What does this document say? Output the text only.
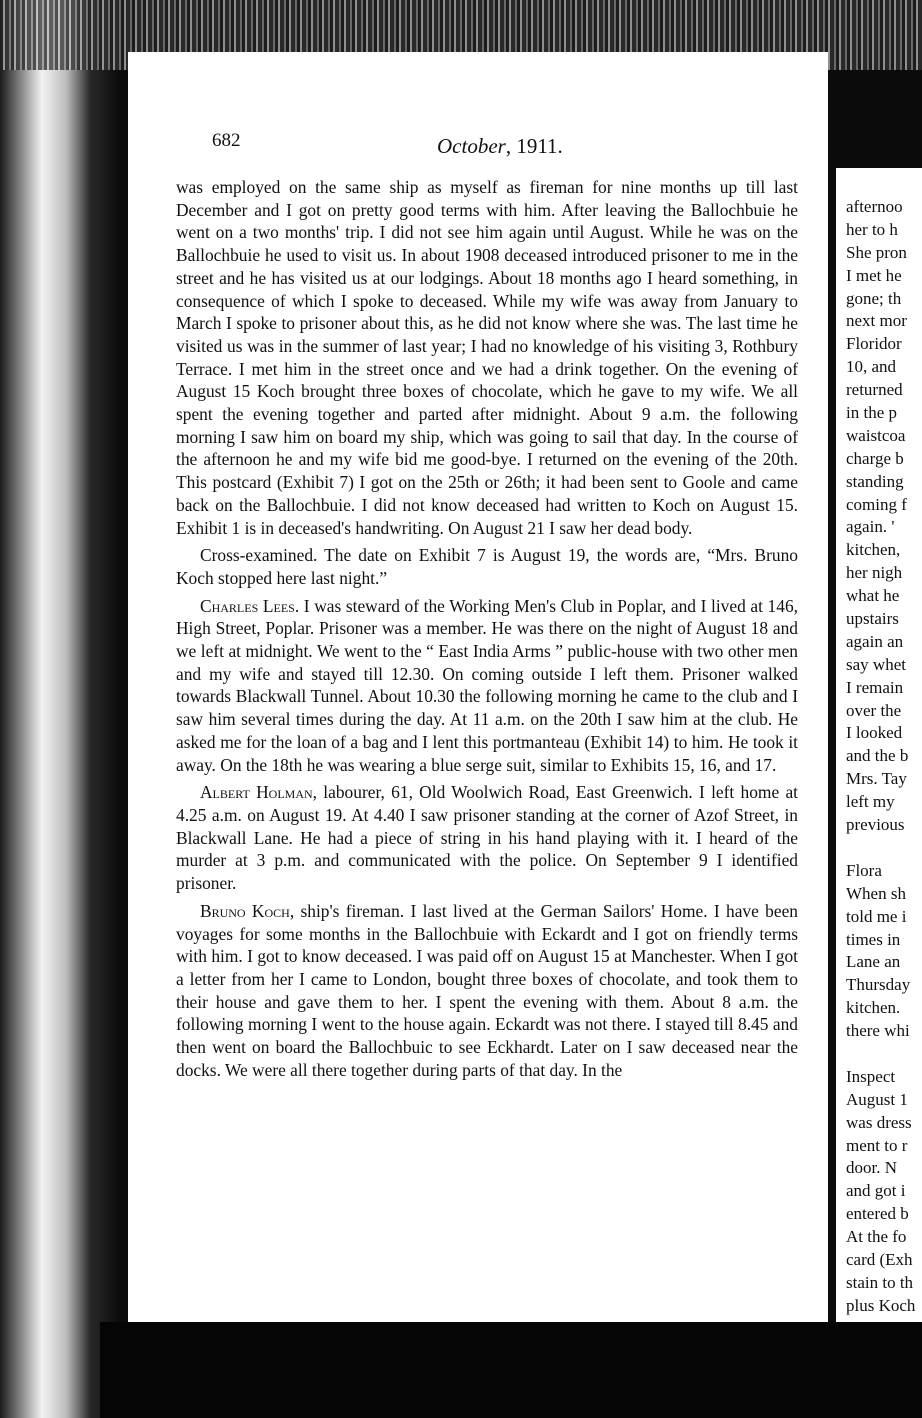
682	October, 1911.

was employed on the same ship as myself as fireman for nine months up till last December and I got on pretty good terms with him. After leaving the Ballochbuie he went on a two months' trip. I did not see him again until August. While he was on the Ballochbuie he used to visit us. In about 1908 deceased introduced prisoner to me in the street and he has visited us at our lodgings. About 18 months ago I heard something, in consequence of which I spoke to deceased. While my wife was away from January to March I spoke to prisoner about this, as he did not know where she was. The last time he visited us was in the summer of last year; I had no knowledge of his visiting 3, Rothbury Terrace. I met him in the street once and we had a drink together. On the evening of August 15 Koch brought three boxes of chocolate, which he gave to my wife. We all spent the evening together and parted after midnight. About 9 a.m. the following morning I saw him on board my ship, which was going to sail that day. In the course of the afternoon he and my wife bid me good-bye. I returned on the evening of the 20th. This postcard (Exhibit 7) I got on the 25th or 26th; it had been sent to Goole and came back on the Ballochbuie. I did not know deceased had written to Koch on August 15. Exhibit 1 is in deceased's handwriting. On August 21 I saw her dead body.

Cross-examined. The date on Exhibit 7 is August 19, the words are, “Mrs. Bruno Koch stopped here last night.”

Charles Lees. I was steward of the Working Men's Club in Poplar, and I lived at 146, High Street, Poplar. Prisoner was a member. He was there on the night of August 18 and we left at midnight. We went to the “ East India Arms ” public-house with two other men and my wife and stayed till 12.30. On coming outside I left them. Prisoner walked towards Blackwall Tunnel. About 10.30 the following morning he came to the club and I saw him several times during the day. At 11 a.m. on the 20th I saw him at the club. He asked me for the loan of a bag and I lent this portmanteau (Exhibit 14) to him. He took it away. On the 18th he was wearing a blue serge suit, similar to Exhibits 15, 16, and 17.

Albert Holman, labourer, 61, Old Woolwich Road, East Greenwich. I left home at 4.25 a.m. on August 19. At 4.40 I saw prisoner standing at the corner of Azof Street, in Blackwall Lane. He had a piece of string in his hand playing with it. I heard of the murder at 3 p.m. and communicated with the police. On September 9 I identified prisoner.

Bruno Koch, ship's fireman. I last lived at the German Sailors' Home. I have been voyages for some months in the Ballochbuie with Eckardt and I got on friendly terms with him. I got to know deceased. I was paid off on August 15 at Manchester. When I got a letter from her I came to London, bought three boxes of chocolate, and took them to their house and gave them to her. I spent the evening with them. About 8 a.m. the following morning I went to the house again. Eckardt was not there. I stayed till 8.45 and then went on board the Ballochbuic to see Eckhardt. Later on I saw deceased near the docks. We were all there together during parts of that day. In the

afternoo
her to h
She pron
I met he
gone; th
next mor
Floridor
10, and
returned
in the p
waistcoa
charge b
standing
coming f
again. '
kitchen,
her nigh
what he
upstairs
again an
say whet
I remain
over the
I looked
and the b
Mrs. Tay
left my
previous
Flora
When sh
told me i
times in
Lane an
Thursday
kitchen.
there whi
Inspect
August 1
was dress
ment to r
door. N
and got i
entered b
At the fo
card (Exh
stain to th
plus Koch
